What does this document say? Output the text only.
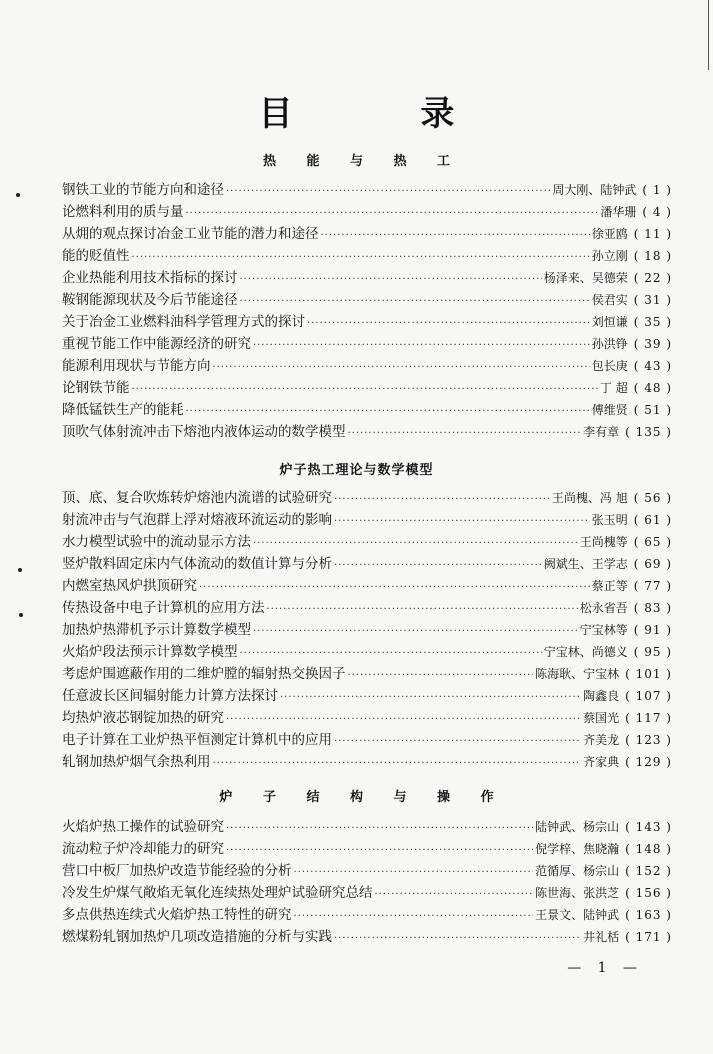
目 录
热 能 与 热 工
钢铁工业的节能方向和途径 ·····	周大刚、陆钟武 ( 1 )
论燃料利用的质与量 ·····	潘华珊 ( 4 )
从㶲的观点探讨冶金工业节能的潜力和途径 ·····	徐亚鸥 ( 11 )
能的贬值性 ·····	孙立刚 ( 18 )
企业热能利用技术指标的探讨 ·····	杨泽来、吴德荣 ( 22 )
鞍钢能源现状及今后节能途径 ·····	侯君实 ( 31 )
关于冶金工业燃料油科学管理方式的探讨 ·····	刘恒谦 ( 35 )
重视节能工作中能源经济的研究 ·····	孙洪铮 ( 39 )
能源利用现状与节能方向 ·····	包长庚 ( 43 )
论钢铁节能 ·····	丁 超 ( 48 )
降低锰铁生产的能耗 ·····	傅维贤 ( 51 )
顶吹气体射流冲击下熔池内液体运动的数学模型 ·····	李有章 ( 135 )
炉子热工理论与数学模型
顶、底、复合吹炼转炉熔池内流谱的试验研究 ·····	王尚槐、冯 旭 ( 56 )
射流冲击与气泡群上浮对熔液环流运动的影响 ·····	张玉明 ( 61 )
水力模型试验中的流动显示方法 ·····	王尚槐等 ( 65 )
竖炉散料固定床内气体流动的数值计算与分析 ·····	阙斌生、王学志 ( 69 )
内燃室热风炉拱顶研究 ·····	蔡正等 ( 77 )
传热设备中电子计算机的应用方法 ·····	松永省吾 ( 83 )
加热炉热滞机予示计算数学模型 ·····	宁宝林等 ( 91 )
火焰炉段法预示计算数学模型 ·····	宁宝林、尚德义 ( 95 )
考虑炉围遮蔽作用的二维炉膛的辐射热交换因子 ·····	陈海耿、宁宝林 ( 101 )
任意波长区间辐射能力计算方法探讨 ·····	陶鑫良 ( 107 )
均热炉液芯钢锭加热的研究 ·····	蔡国光 ( 117 )
电子计算在工业炉热平恒测定计算机中的应用 ·····	齐美龙 ( 123 )
轧钢加热炉烟气余热利用 ·····	齐家典 ( 129 )
炉 子 结 构 与 操 作
火焰炉热工操作的试验研究 ·····	陆钟武、杨宗山 ( 143 )
流动粒子炉冷却能力的研究 ·····	倪学梓、焦晓瀚 ( 148 )
营口中板厂加热炉改造节能经验的分析 ·····	范循厚、杨宗山 ( 152 )
冷发生炉煤气敞焰无氧化连续热处理炉试验研究总结 ·····	陈世海、张洪芝 ( 156 )
多点供热连续式火焰炉热工特性的研究 ·····	王景文、陆钟武 ( 163 )
燃煤粉轧钢加热炉几项改造措施的分析与实践 ·····	井礼栝 ( 171 )
— 1 —
